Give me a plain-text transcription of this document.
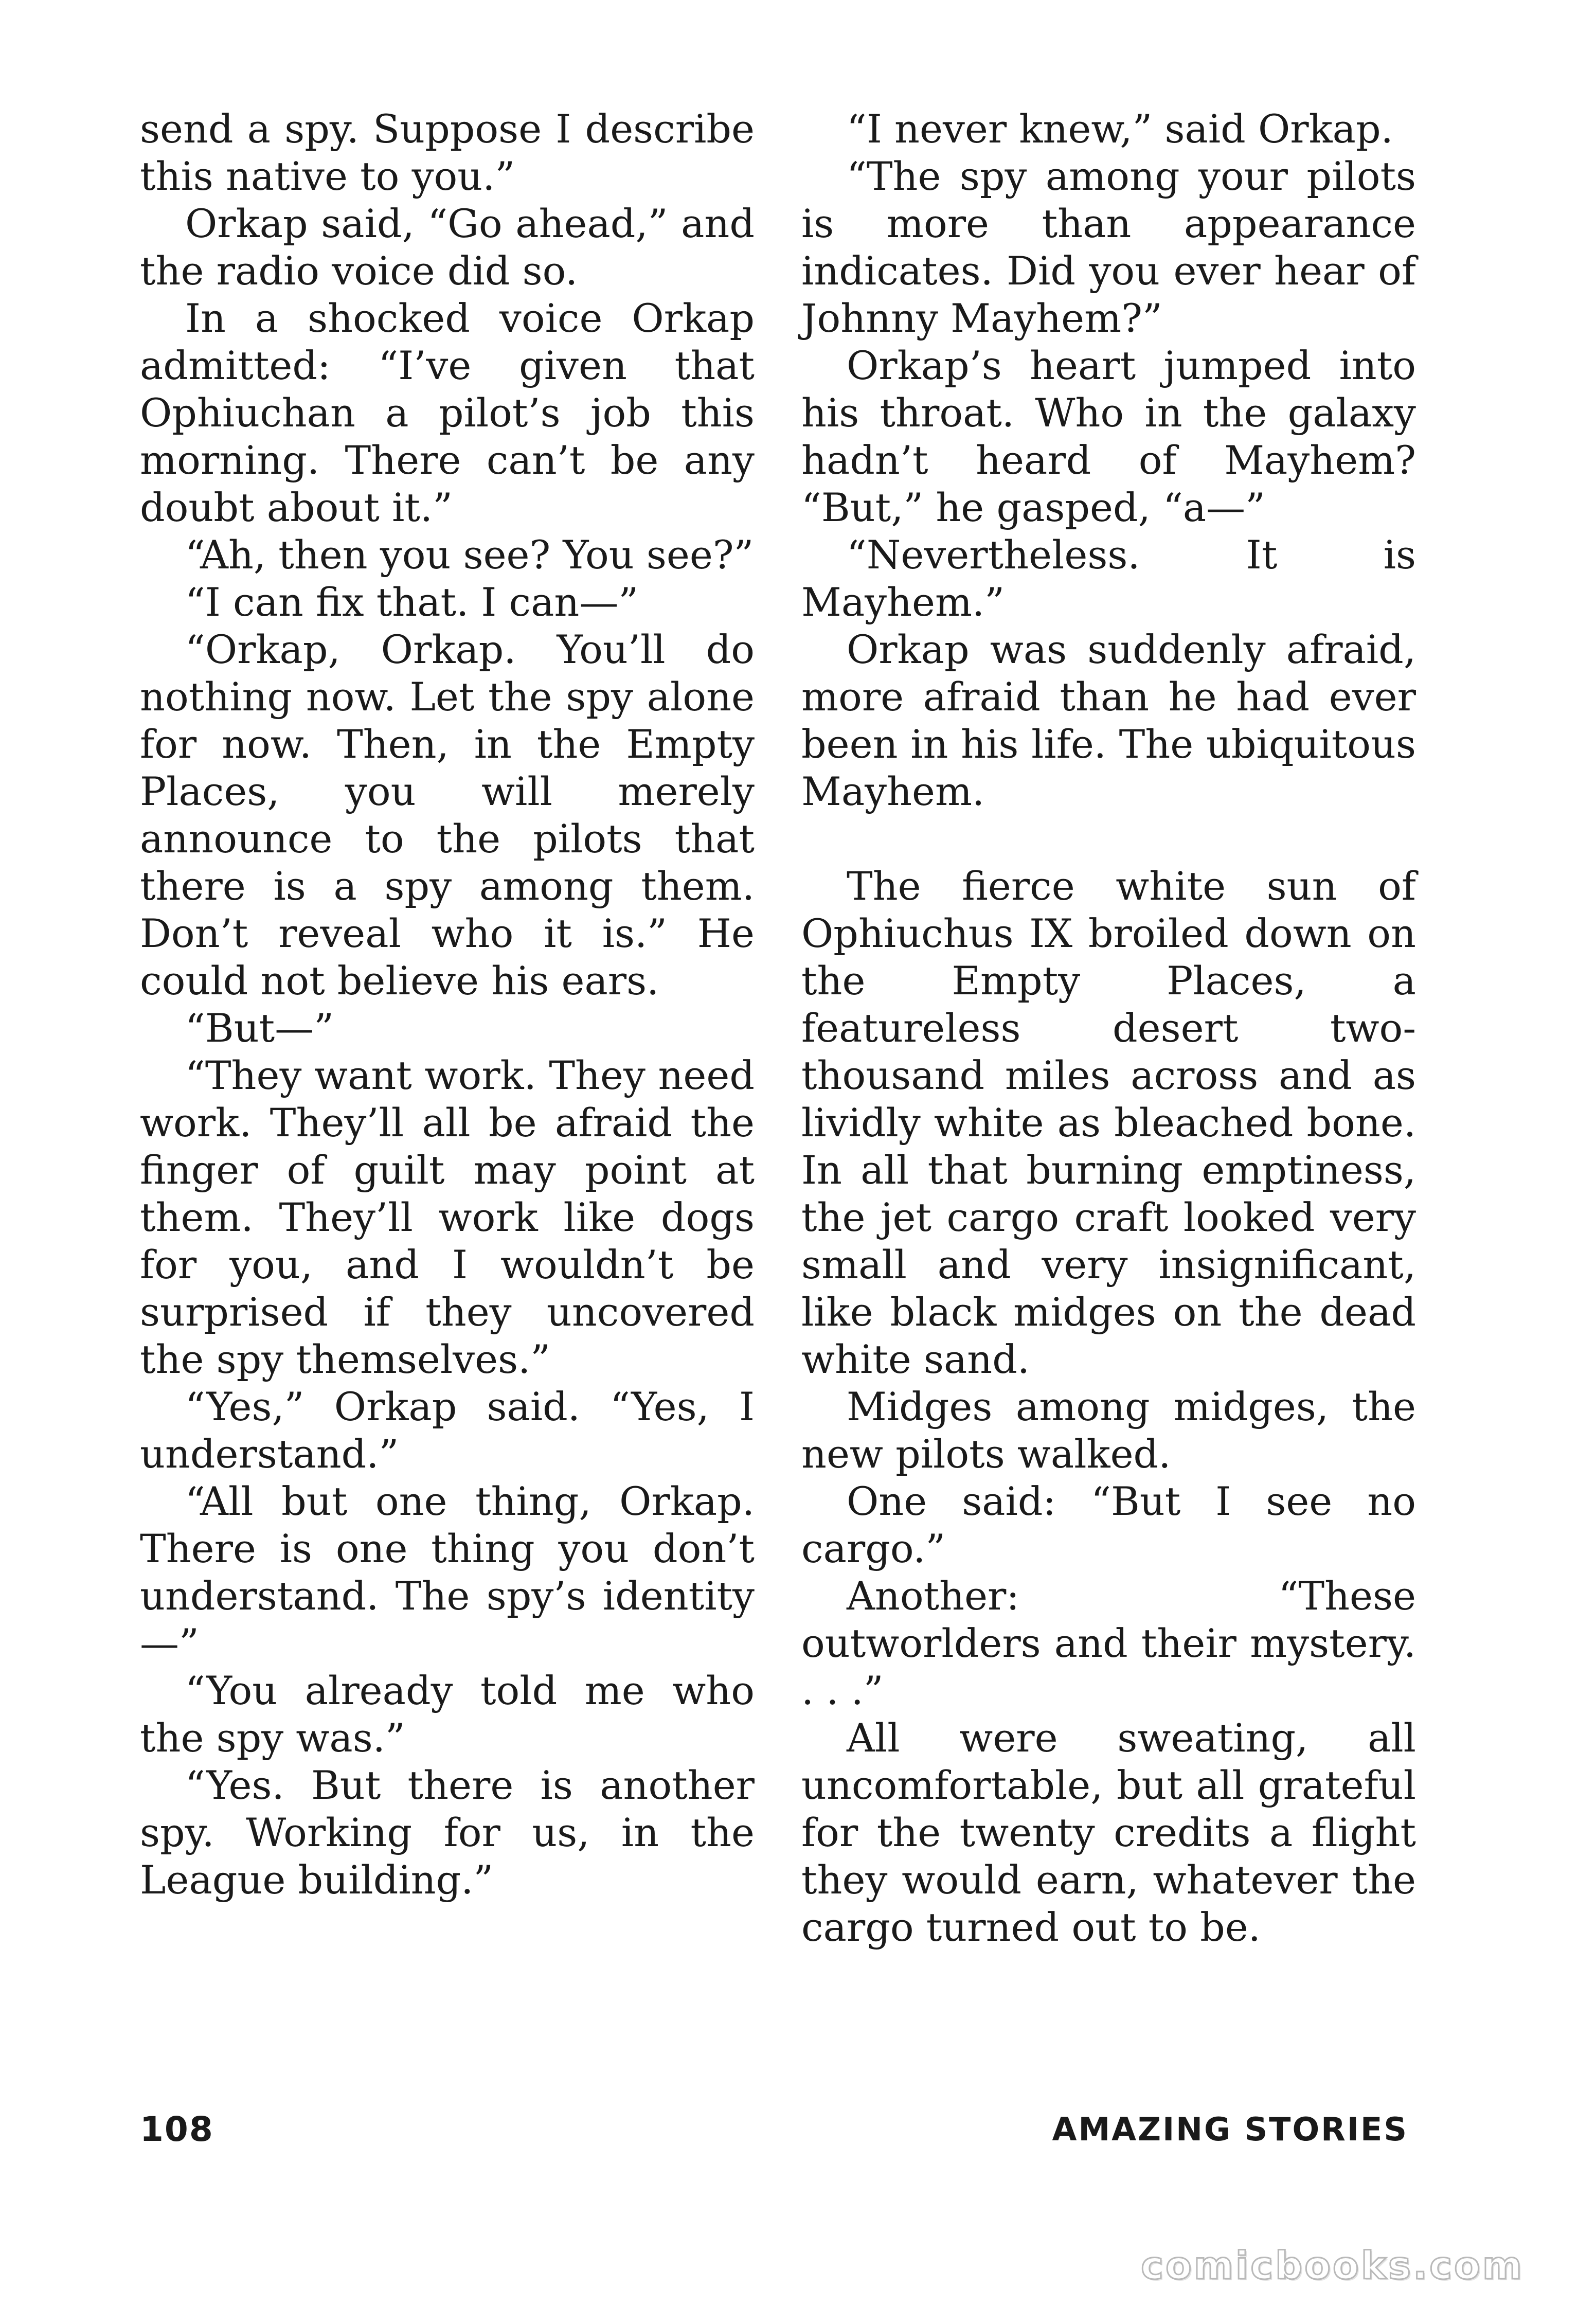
send a spy. Suppose I describe this native to you.”

Orkap said, “Go ahead,” and the radio voice did so.

In a shocked voice Orkap admitted: “I’ve given that Ophiuchan a pilot’s job this morning. There can’t be any doubt about it.”

“Ah, then you see? You see?”

“I can fix that. I can—”

“Orkap, Orkap. You’ll do nothing now. Let the spy alone for now. Then, in the Empty Places, you will merely announce to the pilots that there is a spy among them. Don’t reveal who it is.” He could not believe his ears.

“But—”

“They want work. They need work. They’ll all be afraid the finger of guilt may point at them. They’ll work like dogs for you, and I wouldn’t be surprised if they uncovered the spy themselves.”

“Yes,” Orkap said. “Yes, I understand.”

“All but one thing, Orkap. There is one thing you don’t understand. The spy’s identity—”

“You already told me who the spy was.”

“Yes. But there is another spy. Working for us, in the League building.”

“I never knew,” said Orkap.

“The spy among your pilots is more than appearance indicates. Did you ever hear of Johnny Mayhem?”

Orkap’s heart jumped into his throat. Who in the galaxy hadn’t heard of Mayhem? “But,” he gasped, “a—”

“Nevertheless. It is Mayhem.”

Orkap was suddenly afraid, more afraid than he had ever been in his life. The ubiquitous Mayhem.

The fierce white sun of Ophiuchus IX broiled down on the Empty Places, a featureless desert two-thousand miles across and as lividly white as bleached bone. In all that burning emptiness, the jet cargo craft looked very small and very insignificant, like black midges on the dead white sand.

Midges among midges, the new pilots walked.

One said: “But I see no cargo.”

Another: “These outworlders and their mystery. . . .”

All were sweating, all uncomfortable, but all grateful for the twenty credits a flight they would earn, whatever the cargo turned out to be.

108	AMAZING STORIES
comicbooks.com
